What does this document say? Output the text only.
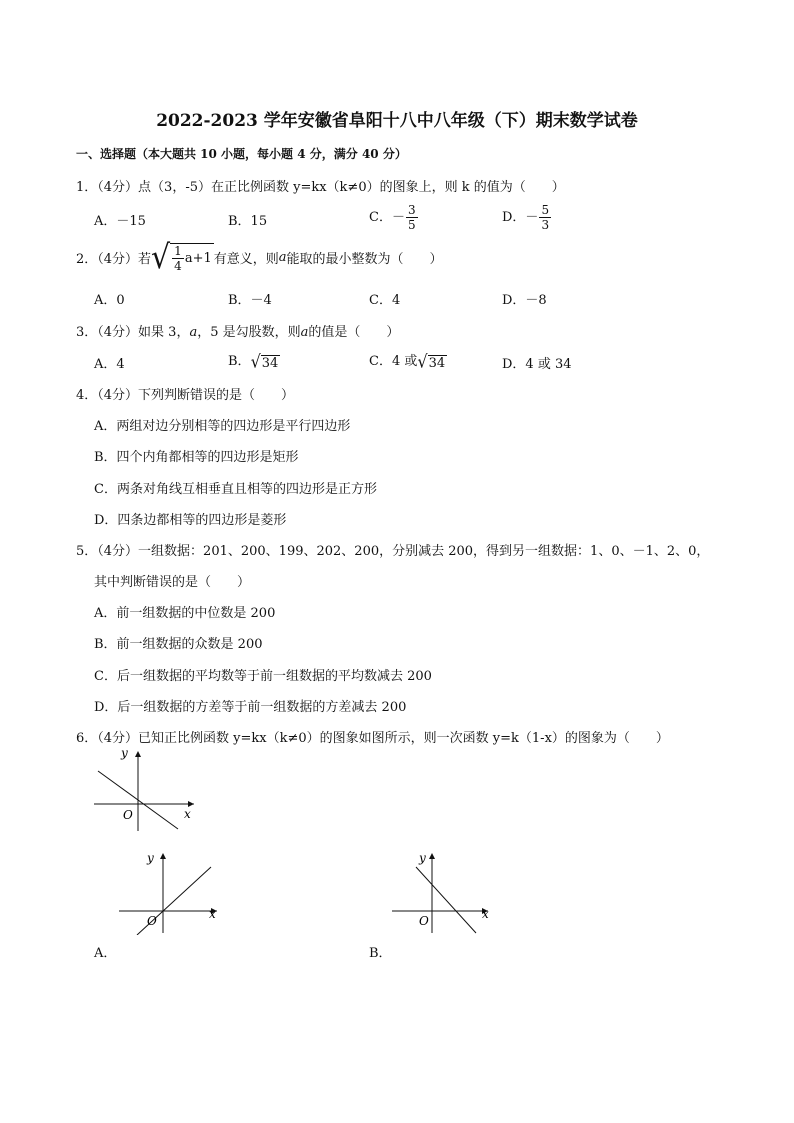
2022-2023 学年安徽省阜阳十八中八年级（下）期末数学试卷
一、选择题（本大题共 10 小题，每小题 4 分，满分 40 分）
1．（4分）点（3，-5）在正比例函数 y=kx（k≠0）的图象上，则 k 的值为（　　）
A．－15	B．15	C．－ $\frac{3}{5}$	D．－ $\frac{5}{3}$
2．（4分）若√ $\frac{1}{4} a+1$ 有意义，则a能取的最小整数为（　　）
A．0	B．－4	C．4	D．－8
3．（4分）如果 3，a，5 是勾股数，则a的值是（　　）
A．4	B．√34	C．4 或√34	D．4 或 34
4．（4分）下列判断错误的是（　　）
A．两组对边分别相等的四边形是平行四边形
B．四个内角都相等的四边形是矩形
C．两条对角线互相垂直且相等的四边形是正方形
D．四条边都相等的四边形是菱形
5．（4分）一组数据：201、200、199、202、200，分别减去 200，得到另一组数据：1、0、－1、2、0，
其中判断错误的是（　　）
A．前一组数据的中位数是 200
B．前一组数据的众数是 200
C．后一组数据的平均数等于前一组数据的平均数减去 200
D．后一组数据的方差等于前一组数据的方差减去 200
6．（4分）已知正比例函数 y=kx（k≠0）的图象如图所示，则一次函数 y=k（1-x）的图象为（　　）
y
x
O
y
x
O
A．
y
x
O
B．
